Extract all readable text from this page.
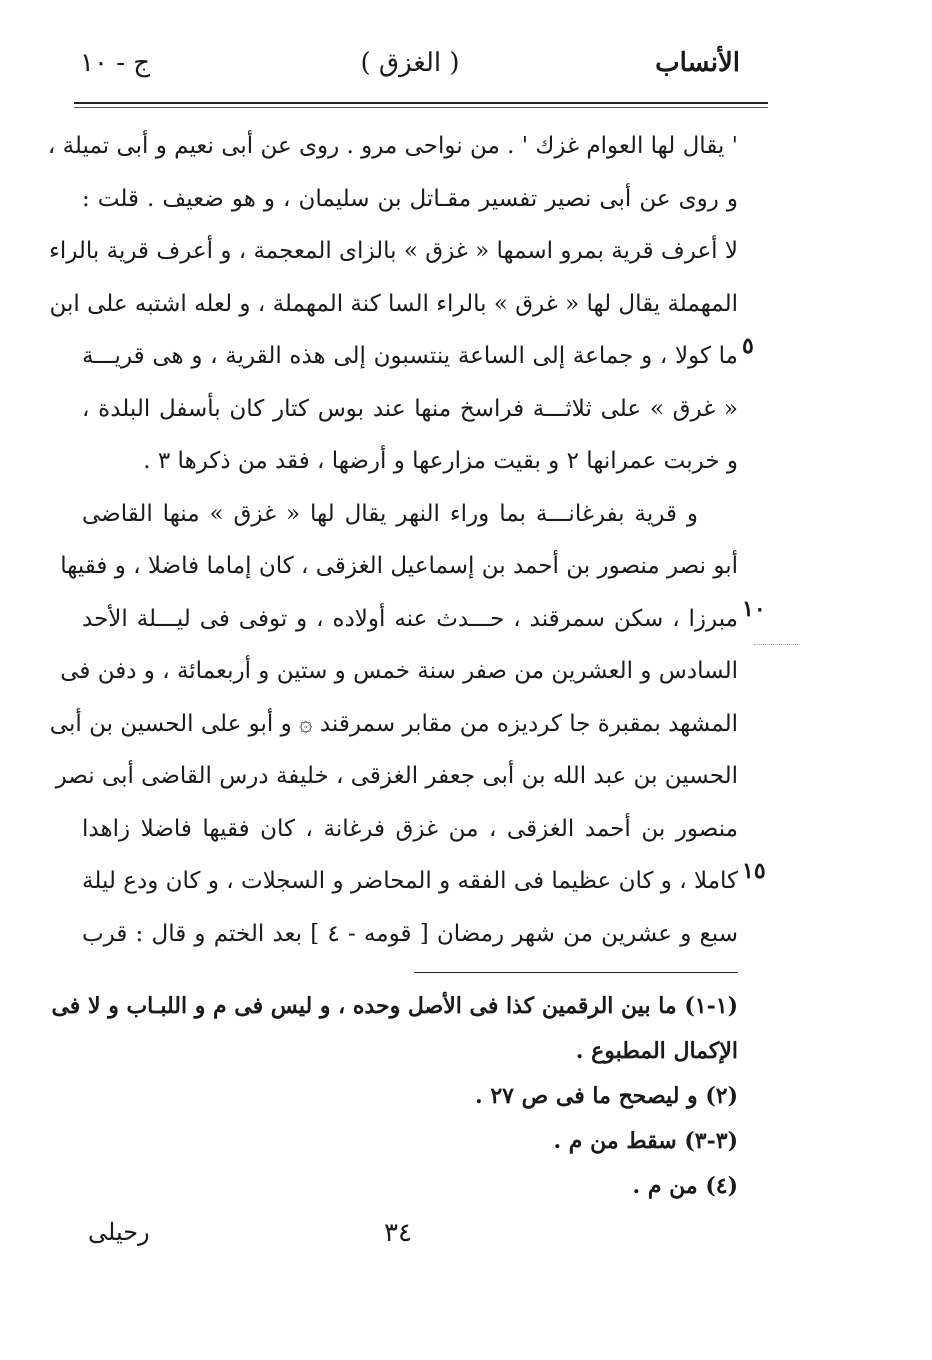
ج - ١٠	( الغزق )	الأنساب
٥
١٠
١٥
' يقال لها العوام غزك ' . من نواحى مرو . روى عن أبى نعيم و أبى تميلة ،
و روى عن أبى نصير تفسير مقـاتل بن سليمان ، و هو ضعيف . قلت :
لا أعرف قرية بمرو اسمها « غزق » بالزاى المعجمة ، و أعرف قرية بالراء
المهملة يقال لها « غرق » بالراء السا كنة المهملة ، و لعله اشتبه على ابن
ما كولا ، و جماعة إلى الساعة ينتسبون إلى هذه القرية ، و هى قريـــة
« غرق » على ثلاثـــة فراسخ منها عند بوس كتار كان بأسفل البلدة ،
و خربت عمرانها ٢ و بقيت مزارعها و أرضها ، فقد من ذكرها ٣ .
و قرية بفرغانـــة بما وراء النهر يقال لها « غزق » منها القاضى
أبو نصر منصور بن أحمد بن إسماعيل الغزقى ، كان إماما فاضلا ، و فقيها
مبرزا ، سكن سمرقند ، حـــدث عنه أولاده ، و توفى فى ليـــلة الأحد
السادس و العشرين من صفر سنة خمس و ستين و أربعمائة ، و دفن فى
المشهد بمقبرة جا كرديزه من مقابر سمرقند ۞ و أبو على الحسين بن أبى
الحسين بن عبد الله بن أبى جعفر الغزقى ، خليفة درس القاضى أبى نصر
منصور بن أحمد الغزقى ، من غزق فرغانة ، كان فقيها فاضلا زاهدا
كاملا ، و كان عظيما فى الفقه و المحاضر و السجلات ، و كان ودع ليلة
سبع و عشرين من شهر رمضان [ قومه - ٤ ] بعد الختم و قال : قرب
(١-١) ما بين الرقمين كذا فى الأصل وحده ، و ليس فى م و اللبـاب و لا فى
الإكمال المطبوع .
(٢) و ليصحح ما فى ص ٢٧ .
(٣-٣) سقط من م .
(٤) من م .
٣٤
رحيلى
